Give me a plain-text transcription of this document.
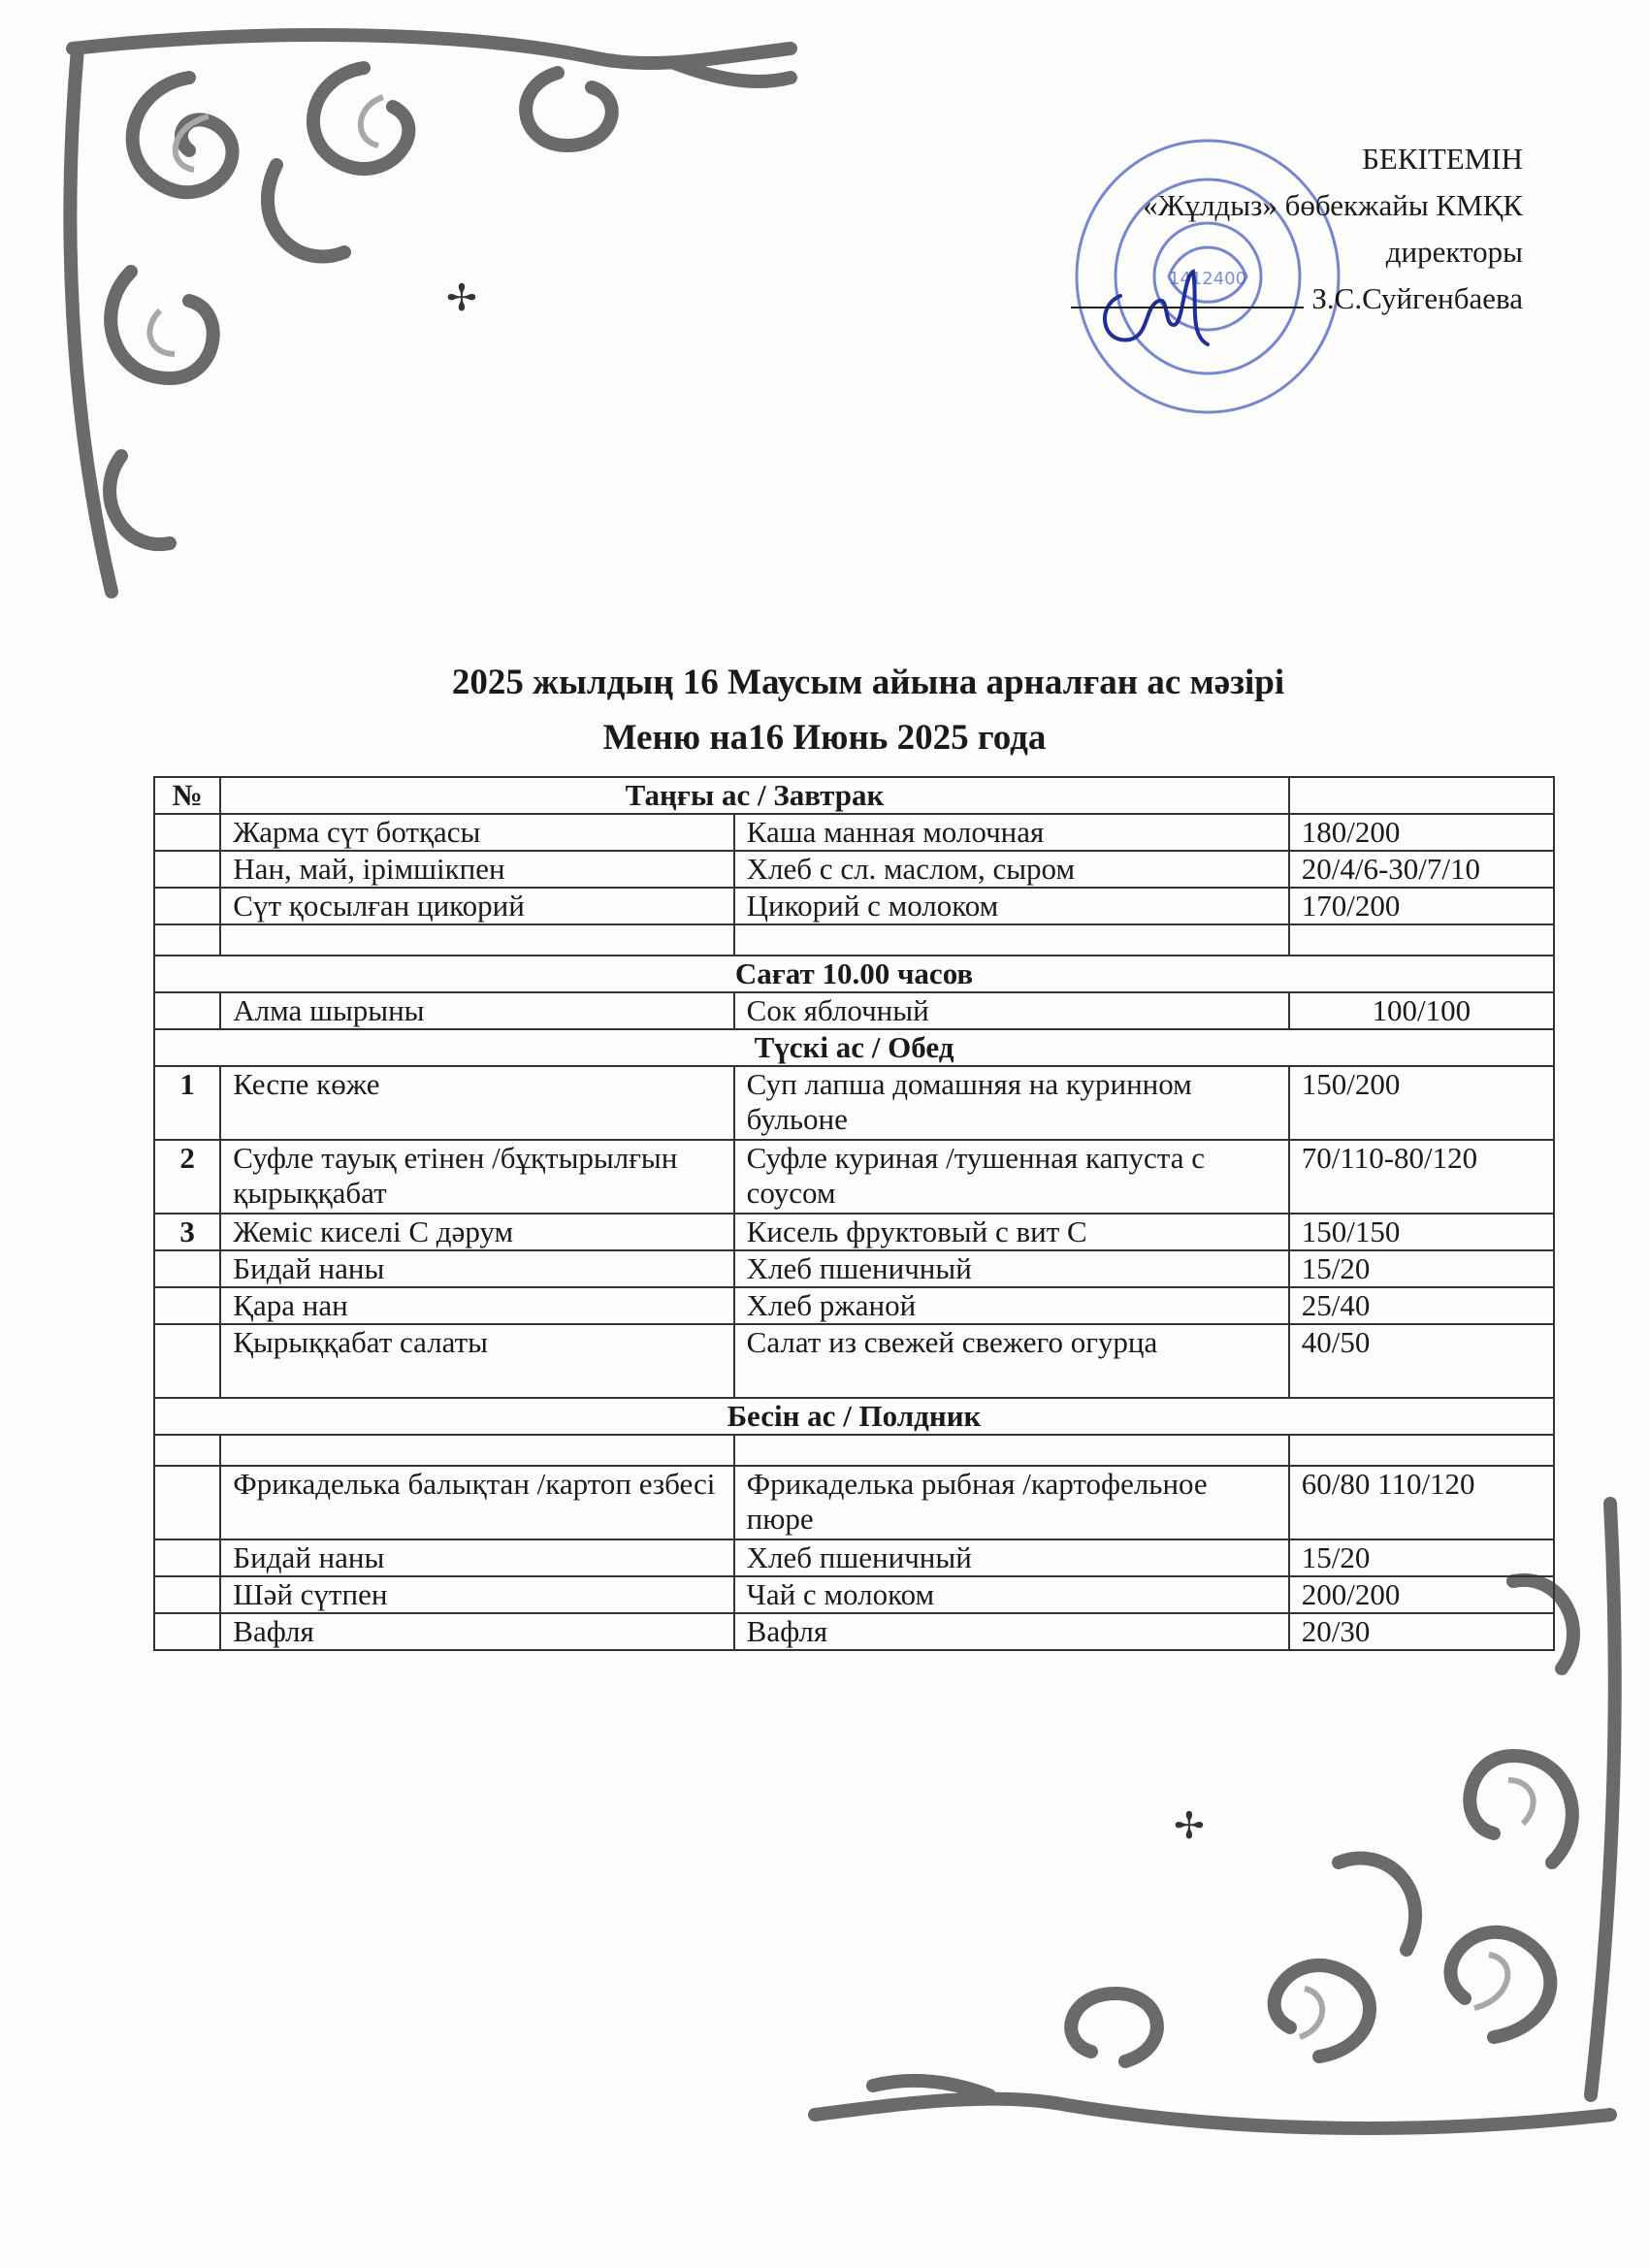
1412400
БЕКІТЕМІН
«Жұлдыз» бөбекжайы КМҚК
директоры
З.С.Суйгенбаева
✢
✢
2025 жылдың 16 Маусым айына арналған ас мәзірі
Меню на16 Июнь 2025 года
№	Таңғы ас / Завтрак		
	Жарма сүт ботқасы	Каша манная молочная	180/200
	Нан, май, ірімшікпен	Хлеб с сл. маслом, сыром	20/4/6-30/7/10
	Сүт қосылған цикорий	Цикорий с молоком	170/200

Сағат 10.00 часов			
	Алма шырыны	Сок яблочный	100/100
Түскі ас / Обед			
1	Кеспе көже	Суп лапша домашняя на куринном бульоне	150/200
2	Суфле тауық етінен /бұқтырылғын қырыққабат	Суфле куриная /тушенная капуста с соусом	70/110-80/120
3	Жеміс киселі С дәрум	Кисель фруктовый с вит С	150/150
	Бидай наны	Хлеб пшеничный	15/20
	Қара нан	Хлеб ржаной	25/40
	Қырыққабат салаты	Салат из свежей свежего огурца	40/50
Бесін ас / Полдник			

	Фрикаделька балықтан /картоп езбесі	Фрикаделька рыбная /картофельное пюре	60/80 110/120
	Бидай наны	Хлеб пшеничный	15/20
	Шәй сүтпен	Чай с молоком	200/200
	Вафля	Вафля	20/30
